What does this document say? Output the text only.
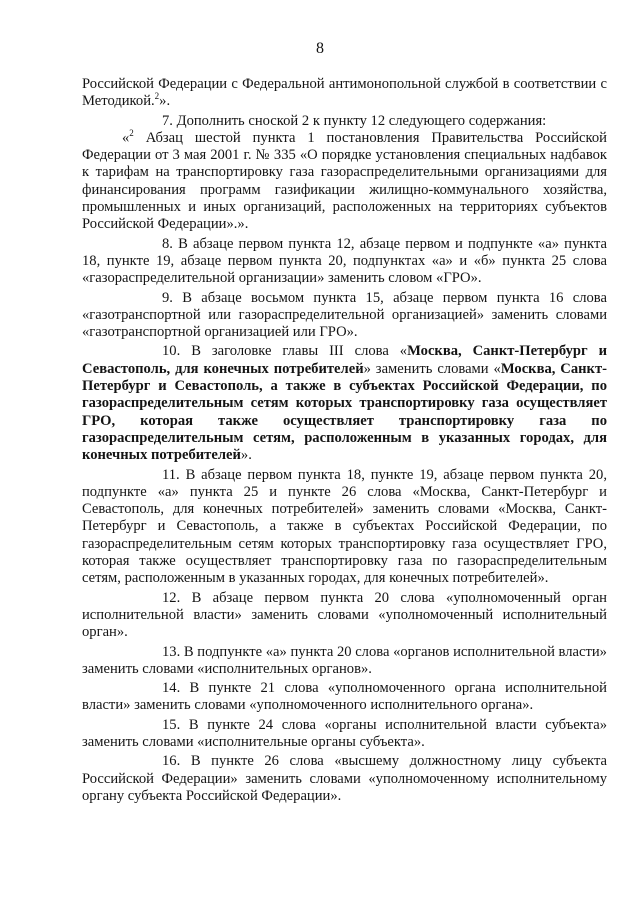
8

Российской Федерации с Федеральной антимонопольной службой в соответствии с Методикой.$^2$».

7. Дополнить сноской 2 к пункту 12 следующего содержания:

«$^2$ Абзац шестой пункта 1 постановления Правительства Российской Федерации от 3 мая 2001 г. № 335 «О порядке установления специальных надбавок к тарифам на транспортировку газа газораспределительными организациями для финансирования программ газификации жилищно-коммунального хозяйства, промышленных и иных организаций, расположенных на территориях субъектов Российской Федерации».».

8. В абзаце первом пункта 12, абзаце первом и подпункте «а» пункта 18, пункте 19, абзаце первом пункта 20, подпунктах «а» и «б» пункта 25 слова «газораспределительной организации» заменить словом «ГРО».

9. В абзаце восьмом пункта 15, абзаце первом пункта 16 слова «газотранспортной или газораспределительной организацией» заменить словами «газотранспортной организацией или ГРО».

10. В заголовке главы III слова «Москва, Санкт-Петербург и Севастополь, для конечных потребителей» заменить словами «Москва, Санкт-Петербург и Севастополь, а также в субъектах Российской Федерации, по газораспределительным сетям которых транспортировку газа осуществляет ГРО, которая также осуществляет транспортировку газа по газораспределительным сетям, расположенным в указанных городах, для конечных потребителей».

11. В абзаце первом пункта 18, пункте 19, абзаце первом пункта 20, подпункте «а» пункта 25 и пункте 26 слова «Москва, Санкт-Петербург и Севастополь, для конечных потребителей» заменить словами «Москва, Санкт-Петербург и Севастополь, а также в субъектах Российской Федерации, по газораспределительным сетям которых транспортировку газа осуществляет ГРО, которая также осуществляет транспортировку газа по газораспределительным сетям, расположенным в указанных городах, для конечных потребителей».

12. В абзаце первом пункта 20 слова «уполномоченный орган исполнительной власти» заменить словами «уполномоченный исполнительный орган».

13. В подпункте «а» пункта 20 слова «органов исполнительной власти» заменить словами «исполнительных органов».

14. В пункте 21 слова «уполномоченного органа исполнительной власти» заменить словами «уполномоченного исполнительного органа».

15. В пункте 24 слова «органы исполнительной власти субъекта» заменить словами «исполнительные органы субъекта».

16. В пункте 26 слова «высшему должностному лицу субъекта Российской Федерации» заменить словами «уполномоченному исполнительному органу субъекта Российской Федерации».
